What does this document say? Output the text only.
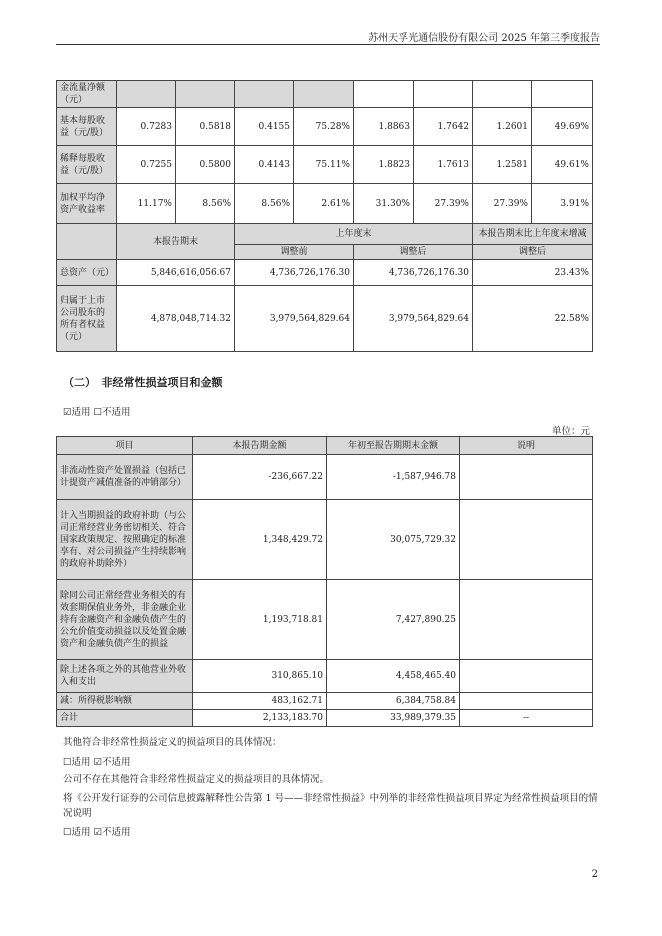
苏州天孚光通信股份有限公司 2025 年第三季度报告
金流量净额（元）								
基本每股收益（元/股）	0.7283	0.5818	0.4155	75.28%	1.8863	1.7642	1.2601	49.69%
稀释每股收益（元/股）	0.7255	0.5800	0.4143	75.11%	1.8823	1.7613	1.2581	49.61%
加权平均净资产收益率	11.17%	8.56%	8.56%	2.61%	31.30%	27.39%	27.39%	3.91%
	本报告期末		上年度末				本报告期末比上年度末增减	
			调整前		调整后		调整后	
总资产（元）	5,846,616,056.67		4,736,726,176.30		4,736,726,176.30		23.43%	
归属于上市公司股东的所有者权益（元）	4,878,048,714.32		3,979,564,829.64		3,979,564,829.64		22.58%	
（二）　非经常性损益项目和金额
☑适用 ☐不适用
单位：元
项目	本报告期金额	年初至报告期期末金额	说明
非流动性资产处置损益（包括已计提资产减值准备的冲销部分）	-236,667.22	-1,587,946.78	
计入当期损益的政府补助（与公司正常经营业务密切相关、符合国家政策规定、按照确定的标准享有、对公司损益产生持续影响的政府补助除外）	1,348,429.72	30,075,729.32	
除同公司正常经营业务相关的有效套期保值业务外，非金融企业持有金融资产和金融负债产生的公允价值变动损益以及处置金融资产和金融负债产生的损益	1,193,718.81	7,427,890.25	
除上述各项之外的其他营业外收入和支出	310,865.10	4,458,465.40	
减：所得税影响额	483,162.71	6,384,758.84	
合计	2,133,183.70	33,989,379.35	--
其他符合非经常性损益定义的损益项目的具体情况：
☐适用 ☑不适用
公司不存在其他符合非经常性损益定义的损益项目的具体情况。
将《公开发行证券的公司信息披露解释性公告第 1 号——非经常性损益》中列举的非经常性损益项目界定为经常性损益项目的情况说明
☐适用 ☑不适用
2
